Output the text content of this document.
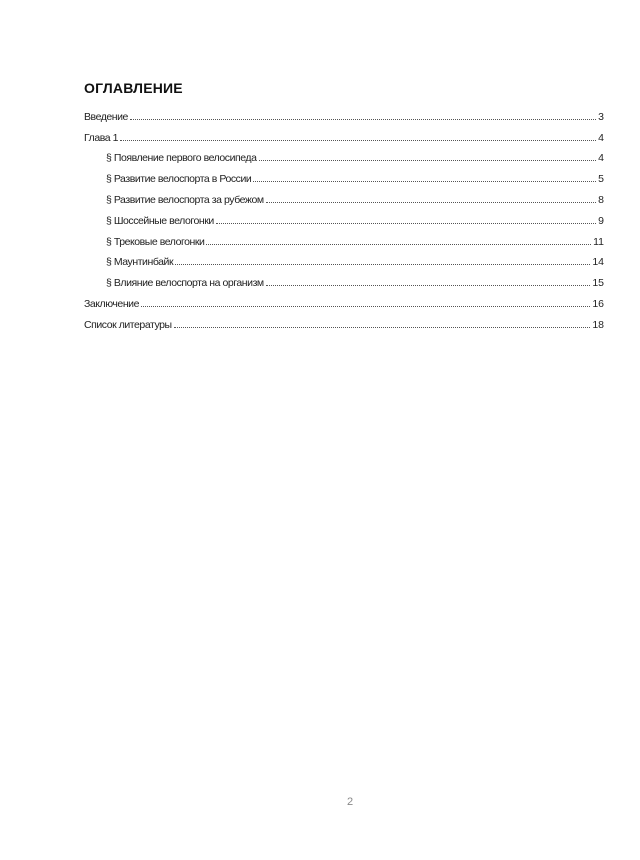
ОГЛАВЛЕНИЕ
Введение	3
Глава 1	4
§ Появление первого велосипеда	4
§ Развитие велоспорта в России	5
§ Развитие велоспорта за рубежом	8
§ Шоссейные велогонки	9
§ Трековые велогонки	11
§ Маунтинбайк	14
§ Влияние велоспорта на организм	15
Заключение	16
Список литературы	18
2
